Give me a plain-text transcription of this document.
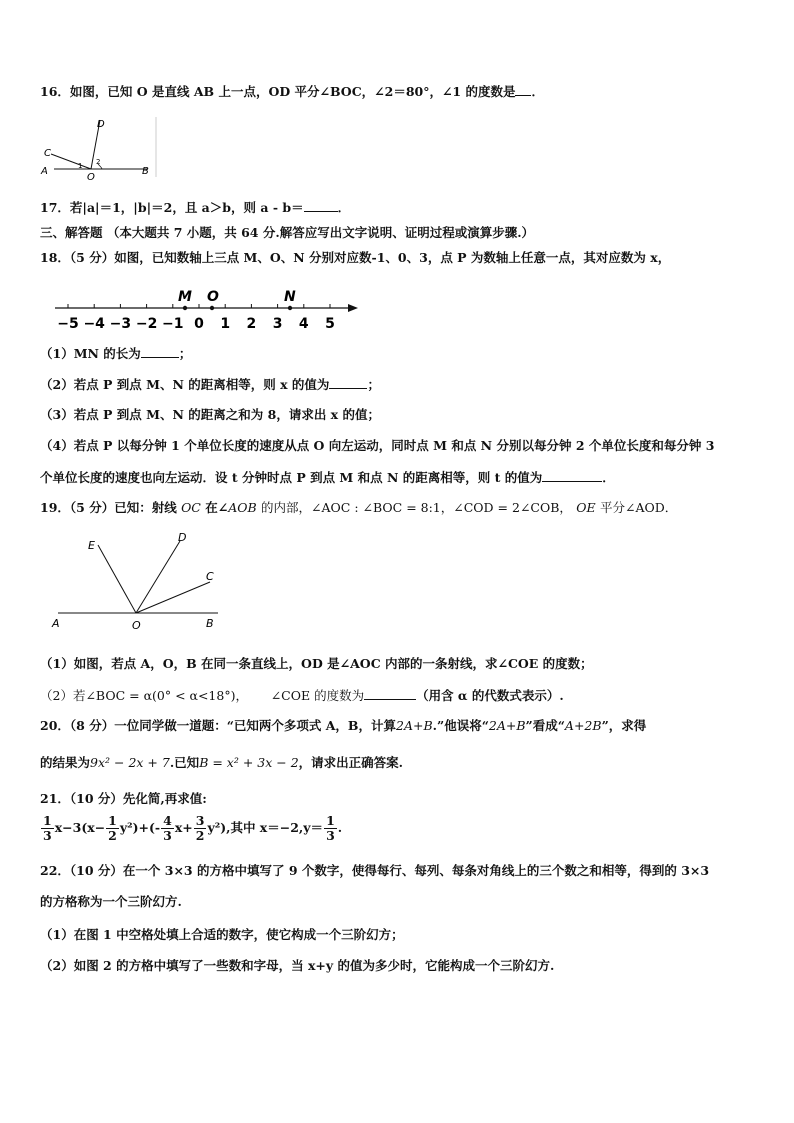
16．如图，已知 O 是直线 AB 上一点，OD 平分∠BOC，∠2＝80°，∠1 的度数是 ．
A	B
C
D
O
1 2
17．若|a|＝1，|b|＝2，且 a＞b，则 a - b＝	．
三、解答题 （本大题共 7 小题，共 64 分.解答应写出文字说明、证明过程或演算步骤.）
18．（5 分）如图，已知数轴上三点 M、O、N 分别对应数-1、0、3，点 P 为数轴上任意一点，其对应数为 x，
−5 −4 −3 −2 −1 0 1 2 3 4 5
M O	N
（1）MN 的长为	；
（2）若点 P 到点 M、N 的距离相等，则 x 的值为	；
（3）若点 P 到点 M、N 的距离之和为 8，请求出 x 的值；
（4）若点 P 以每分钟 1 个单位长度的速度从点 O 向左运动，同时点 M 和点 N 分别以每分钟 2 个单位长度和每分钟 3
个单位长度的速度也向左运动．设 t 分钟时点 P 到点 M 和点 N 的距离相等，则 t 的值为	．
19．（5 分）已知：射线 OC 在∠AOB 的内部，∠AOC : ∠BOC = 8:1，∠COD = 2∠COB， OE 平分∠AOD．
A	B
C
D
E
O
（1）如图，若点 A，O，B 在同一条直线上，OD 是∠AOC 内部的一条射线，求∠COE 的度数；
（2）若∠BOC = α(0° < α<18°)， ∠COE 的度数为	（用含 α 的代数式表示）.
20．（8 分）一位同学做一道题：“已知两个多项式 A，B，计算2A+B.”他误将“2A+B”看成“A+2B”，求得
的结果为9x² − 2x + 7.已知B = x² + 3x − 2，请求出正确答案.
21．（10 分）先化简,再求值:
$\frac{1}{3} x-3(x- \frac{1}{2} y^2)+(- \frac{4}{3} x+ \frac{3}{2} y^2)$,其中 $x=-2,y= \frac{1}{3}$ .
22．（10 分）在一个 3×3 的方格中填写了 9 个数字，使得每行、每列、每条对角线上的三个数之和相等，得到的 3×3
的方格称为一个三阶幻方.
（1）在图 1 中空格处填上合适的数字，使它构成一个三阶幻方；
（2）如图 2 的方格中填写了一些数和字母，当 x+y 的值为多少时，它能构成一个三阶幻方.
